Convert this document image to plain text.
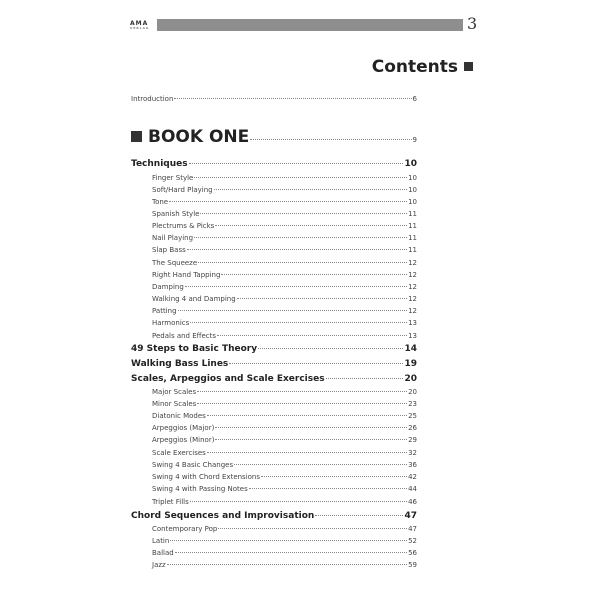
AMA
VERLAG	3
Contents
Introduction	6
BOOK ONE	9
Techniques	10
Finger Style	10
Soft/Hard Playing	10
Tone	10
Spanish Style	11
Plectrums & Picks	11
Nail Playing	11
Slap Bass	11
The Squeeze	12
Right Hand Tapping	12
Damping	12
Walking 4 and Damping	12
Patting	12
Harmonics	13
Pedals and Effects	13
49 Steps to Basic Theory	14
Walking Bass Lines	19
Scales, Arpeggios and Scale Exercises	20
Major Scales	20
Minor Scales	23
Diatonic Modes	25
Arpeggios (Major)	26
Arpeggios (Minor)	29
Scale Exercises	32
Swing 4 Basic Changes	36
Swing 4 with Chord Extensions	42
Swing 4 with Passing Notes	44
Triplet Fills	46
Chord Sequences and Improvisation	47
Contemporary Pop	47
Latin	52
Ballad	56
Jazz	59
